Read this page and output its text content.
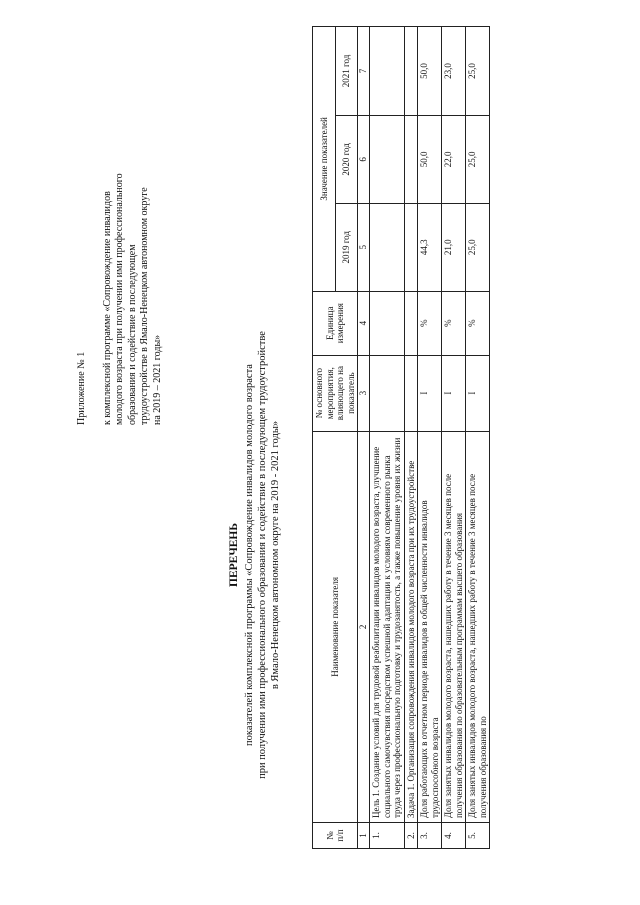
Приложение № 1 к комплексной программе «Сопровождение инвалидов молодого возраста при получении ими профессионального образования и содействие в последующем трудоустройстве в Ямало-Ненецком автономном округе на 2019 – 2021 годы»
ПЕРЕЧЕНЬ показателей комплексной программы «Сопровождение инвалидов молодого возраста при получении ими профессионального образования и содействие в последующем трудоустройстве в Ямало-Ненецком автономном округе на 2019 - 2021 годы»
№ п/п	Наименование показателя	№ основного мероприятия, влияющего на показатель	Единица измерения	Значение показателей		
				2019 год	2020 год	2021 год
1	2	3	4	5	6	7
1.	Цель 1. Создание условий для трудовой реабилитации инвалидов молодого возраста, улучшение социального самочувствия посредством успешной адаптации к условиям современного рынка труда через профессиональную подготовку и трудозанятость, а также повышение уровня их жизни					
2.	Задача 1. Организация сопровождения инвалидов молодого возраста при их трудоустройстве					
3.	Доля работающих в отчетном периоде инвалидов в общей численности инвалидов трудоспособного возраста	I	%	44,3	50,0	50,0
4.	Доля занятых инвалидов молодого возраста, нашедших работу в течение 3 месяцев после получения образования по образовательным программам высшего образования	I	%	21,0	22,0	23,0
5.	Доля занятых инвалидов молодого возраста, нашедших работу в течение 3 месяцев после получения образования по	I	%	25,0	25,0	25,0
